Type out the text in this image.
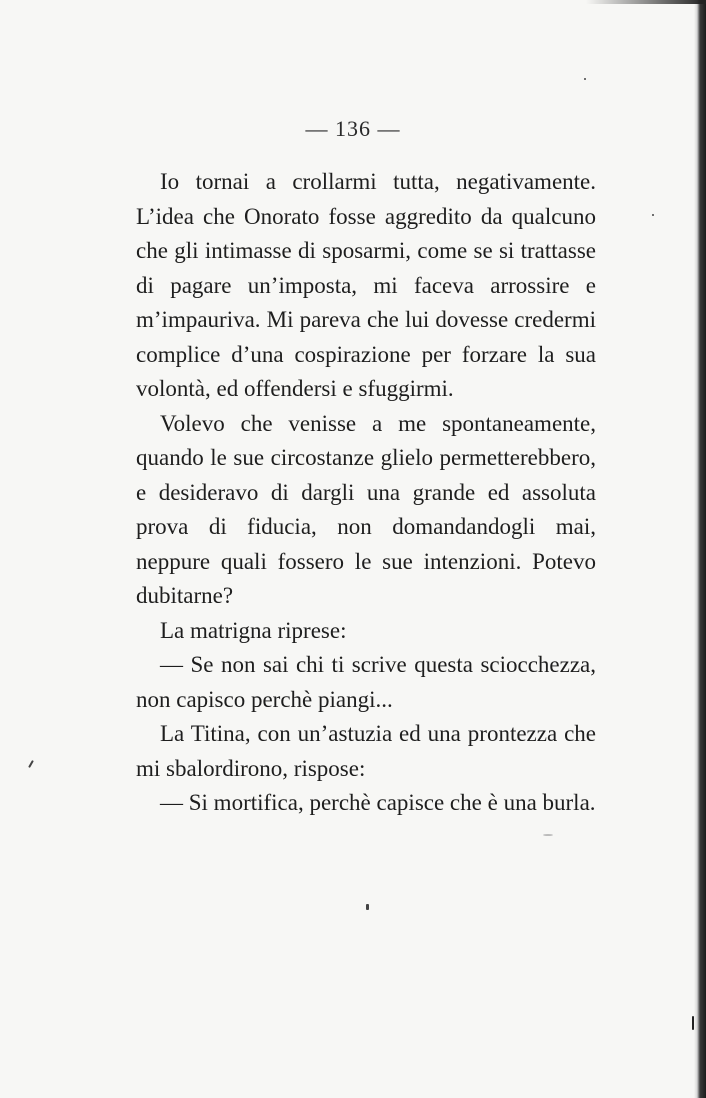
— 136 —

Io tornai a crollarmi tutta, negativamente. L’idea che Onorato fosse aggredito da qualcuno che gli intimasse di sposarmi, come se si trattasse di pagare un’imposta, mi faceva arrossire e m’impauriva. Mi pareva che lui dovesse credermi complice d’una cospirazione per forzare la sua volontà, ed offendersi e sfuggirmi.

Volevo che venisse a me spontaneamente, quando le sue circostanze glielo permetterebbero, e desideravo di dargli una grande ed assoluta prova di fiducia, non domandandogli mai, neppure quali fossero le sue intenzioni. Potevo dubitarne?

La matrigna riprese:

— Se non sai chi ti scrive questa sciocchezza, non capisco perchè piangi...

La Titina, con un’astuzia ed una prontezza che mi sbalordirono, rispose:

— Si mortifica, perchè capisce che è una burla.
